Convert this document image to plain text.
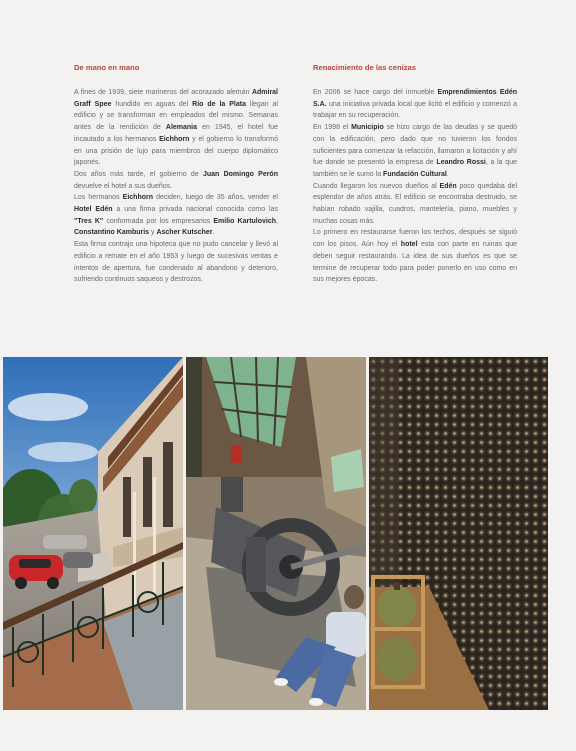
De mano en mano

A fines de 1939, siete marineros del acorazado alemán Admiral Graff Spee hundido en aguas del Río de la Plata llegan al edificio y se transforman en empleados del mismo. Semanas antes de la rendición de Alemania en 1945, el hotel fue incautado a los hermanos Eichhorn y el gobierno lo transformó en una prisión de lujo para miembros del cuerpo diplomático japonés.

Dos años más tarde, el gobierno de Juan Domingo Perón devuelve el hotel a sus dueños.

Los hermanos Eichhorn deciden, luego de 35 años, vender el Hotel Edén a una firma privada nacional conocida como las "Tres K" conformada por los empresarios Emilio Kartulovich, Constantino Kamburis y Ascher Kutscher.

Esta firma contrajo una hipoteca que no pudo cancelar y llevó al edificio a remate en el año 1953 y luego de sucesivas ventas e intentos de apertura, fue condenado al abandono y deterioro, sufriendo continuos saqueos y destrozos.

Renacimiento de las cenizas

En 2006 se hace cargo del inmueble Emprendimientos Edén S.A. una iniciativa privada local que licitó el edificio y comenzó a trabajar en su recuperación.

En 1998 el Municipio se hizo cargo de las deudas y se quedó con la edificación, pero dado que no tuvieron los fondos suficientes para comenzar la refacción, llamaron a licitación y ahí fue donde se presentó la empresa de Leandro Rossi, a la que también se le sumo la Fundación Cultural.

Cuando llegaron los nuevos dueños al Edén poco quedaba del esplendor de años atrás. El edificio se encontraba destruido, se habían robado vajilla, cuadros, mantelería, piano, muebles y muchas cosas más.

Lo primero en restaurarse fueron los techos, después se siguió con los pisos. Aún hoy el hotel esta con parte en ruinas que deben seguir restaurando. La idea de sus dueños es que se termine de recuperar todo para poder ponerlo en uso como en sus mejores épocas.
